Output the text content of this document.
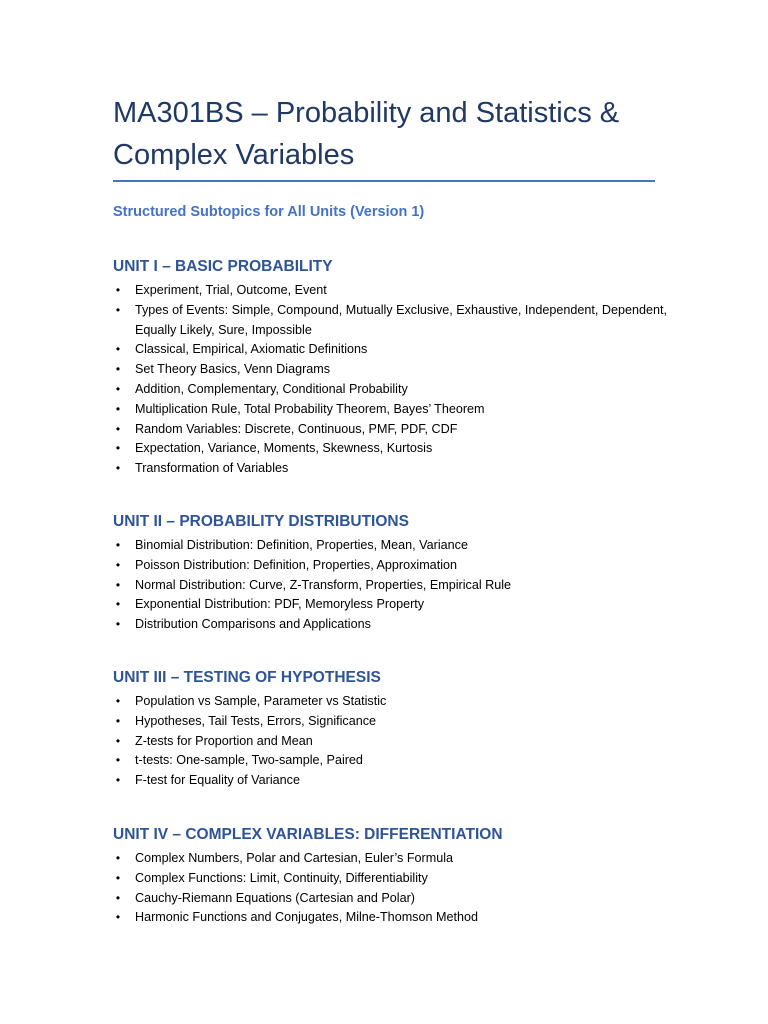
MA301BS – Probability and Statistics & Complex Variables

Structured Subtopics for All Units (Version 1)

UNIT I – BASIC PROBABILITY
• Experiment, Trial, Outcome, Event
• Types of Events: Simple, Compound, Mutually Exclusive, Exhaustive, Independent, Dependent, Equally Likely, Sure, Impossible
• Classical, Empirical, Axiomatic Definitions
• Set Theory Basics, Venn Diagrams
• Addition, Complementary, Conditional Probability
• Multiplication Rule, Total Probability Theorem, Bayes’ Theorem
• Random Variables: Discrete, Continuous, PMF, PDF, CDF
• Expectation, Variance, Moments, Skewness, Kurtosis
• Transformation of Variables
UNIT II – PROBABILITY DISTRIBUTIONS
• Binomial Distribution: Definition, Properties, Mean, Variance
• Poisson Distribution: Definition, Properties, Approximation
• Normal Distribution: Curve, Z-Transform, Properties, Empirical Rule
• Exponential Distribution: PDF, Memoryless Property
• Distribution Comparisons and Applications
UNIT III – TESTING OF HYPOTHESIS
• Population vs Sample, Parameter vs Statistic
• Hypotheses, Tail Tests, Errors, Significance
• Z-tests for Proportion and Mean
• t-tests: One-sample, Two-sample, Paired
• F-test for Equality of Variance
UNIT IV – COMPLEX VARIABLES: DIFFERENTIATION
• Complex Numbers, Polar and Cartesian, Euler’s Formula
• Complex Functions: Limit, Continuity, Differentiability
• Cauchy-Riemann Equations (Cartesian and Polar)
• Harmonic Functions and Conjugates, Milne-Thomson Method
